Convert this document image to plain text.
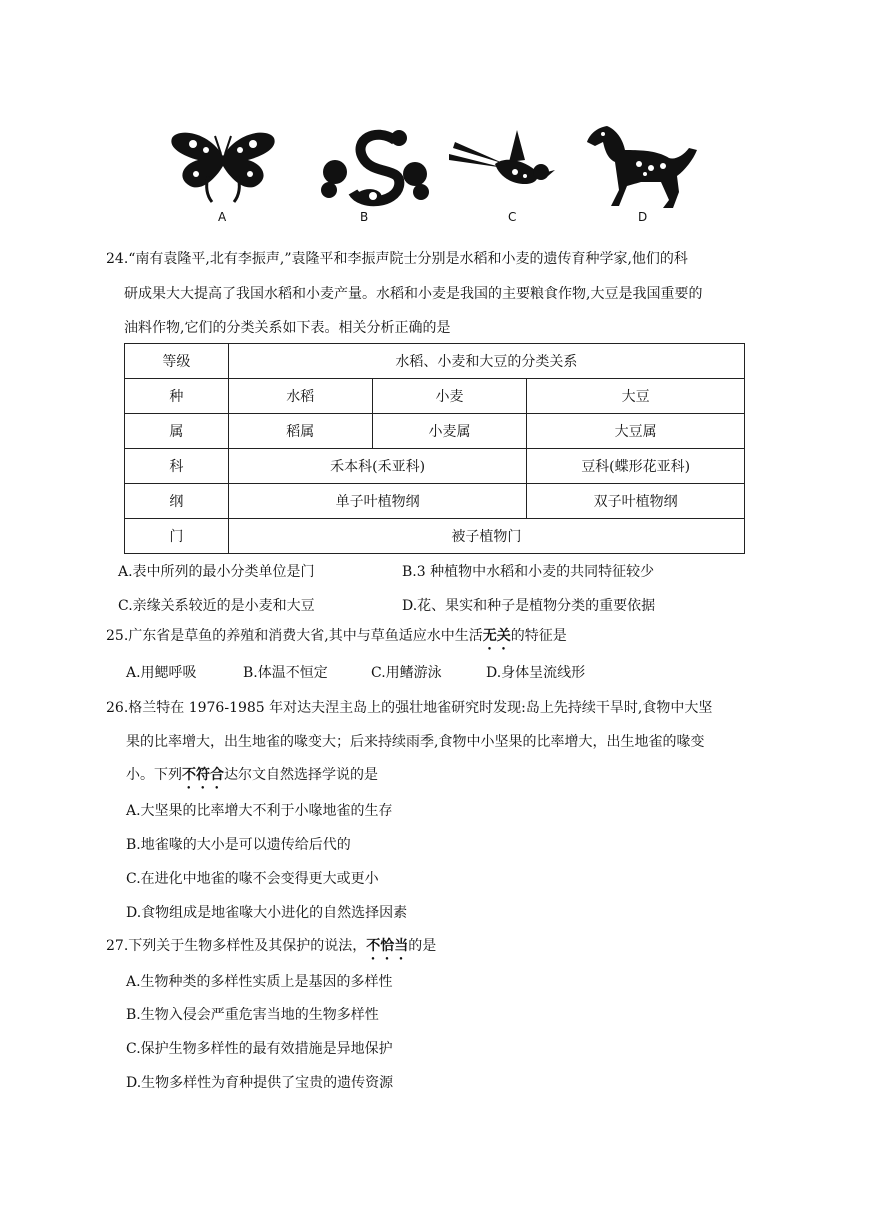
A	B	C	D
24.“南有袁隆平,北有李振声,”袁隆平和李振声院士分别是水稻和小麦的遗传育种学家,他们的科
研成果大大提高了我国水稻和小麦产量。水稻和小麦是我国的主要粮食作物,大豆是我国重要的
油料作物,它们的分类关系如下表。相关分析正确的是
等级	水稻、小麦和大豆的分类关系		
种	水稻	小麦	大豆
属	稻属	小麦属	大豆属
科	禾本科(禾亚科)		豆科(蝶形花亚科)
纲	单子叶植物纲		双子叶植物纲
门	被子植物门		
A.表中所列的最小分类单位是门	B.3 种植物中水稻和小麦的共同特征较少
C.亲缘关系较近的是小麦和大豆	D.花、果实和种子是植物分类的重要依据
25.广东省是草鱼的养殖和消费大省,其中与草鱼适应水中生活无关的特征是
A.用鳃呼吸	B.体温不恒定	C.用鳍游泳	D.身体呈流线形
26.格兰特在 1976-1985 年对达夫涅主岛上的强壮地雀研究时发现:岛上先持续干旱时,食物中大坚
果的比率增大，出生地雀的喙变大；后来持续雨季,食物中小坚果的比率增大，出生地雀的喙变
小。下列不符合达尔文自然选择学说的是
A.大坚果的比率增大不利于小喙地雀的生存
B.地雀喙的大小是可以遗传给后代的
C.在进化中地雀的喙不会变得更大或更小
D.食物组成是地雀喙大小进化的自然选择因素
27.下列关于生物多样性及其保护的说法，不恰当的是
A.生物种类的多样性实质上是基因的多样性
B.生物入侵会严重危害当地的生物多样性
C.保护生物多样性的最有效措施是异地保护
D.生物多样性为育种提供了宝贵的遗传资源
